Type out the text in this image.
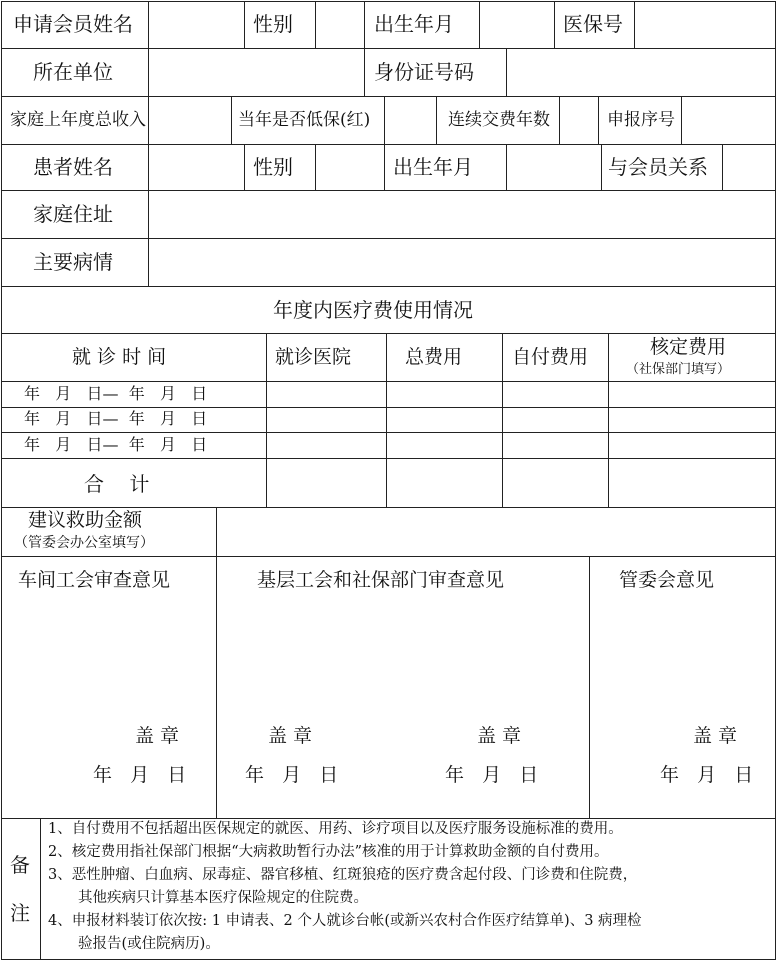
申请会员姓名	性别	出生年月	医保号
所在单位	身份证号码
家庭上年度总收入	当年是否低保(红)	连续交费年数	申报序号
患者姓名	性别	出生年月	与会员关系
家庭住址
主要病情
年度内医疗费使用情况
就 诊 时 间	就诊医院	总费用	自付费用	核定费用
（社保部门填写）
年   月   日—  年   月   日
年   月   日—  年   月   日
年   月   日—  年   月   日
合    计
建议救助金额
（管委会办公室填写）
车间工会审查意见
盖 章
年   月   日
基层工会和社保部门审查意见
盖 章
年   月   日
盖 章
年   月   日
管委会意见
盖 章
年   月   日
备
注
1、自付费用不包括超出医保规定的就医、用药、诊疗项目以及医疗服务设施标准的费用。
2、核定费用指社保部门根据“大病救助暂行办法”核准的用于计算救助金额的自付费用。
3、恶性肿瘤、白血病、尿毒症、器官移植、红斑狼疮的医疗费含起付段、门诊费和住院费，
其他疾病只计算基本医疗保险规定的住院费。
4、申报材料装订依次按: 1 申请表、2 个人就诊台帐(或新兴农村合作医疗结算单)、3 病理检
验报告(或住院病历)。
